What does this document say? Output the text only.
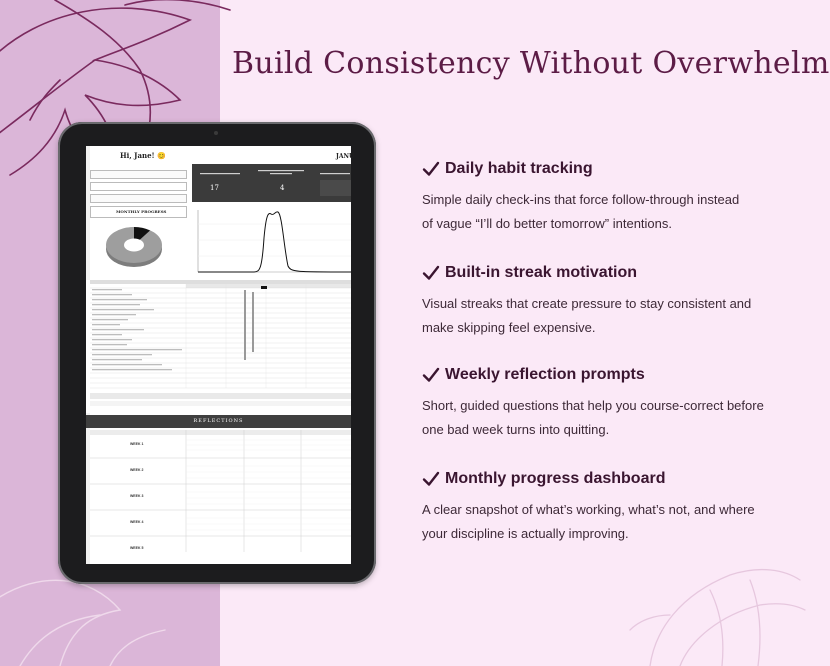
Build Consistency Without Overwhelm
Daily habit tracking
Simple daily check-ins that force follow-through instead
of vague “I’ll do better tomorrow” intentions.
Built-in streak motivation
Visual streaks that create pressure to stay consistent and
make skipping feel expensive.
Weekly reflection prompts
Short, guided questions that help you course-correct before
one bad week turns into quitting.
Monthly progress dashboard
A clear snapshot of what’s working, what’s not, and where
your discipline is actually improving.
Hi, Jane! 😊	JANU
17	4
MONTHLY PROGRESS
REFLECTIONS
WEEK 1
WEEK 2
WEEK 3
WEEK 4
WEEK 5
